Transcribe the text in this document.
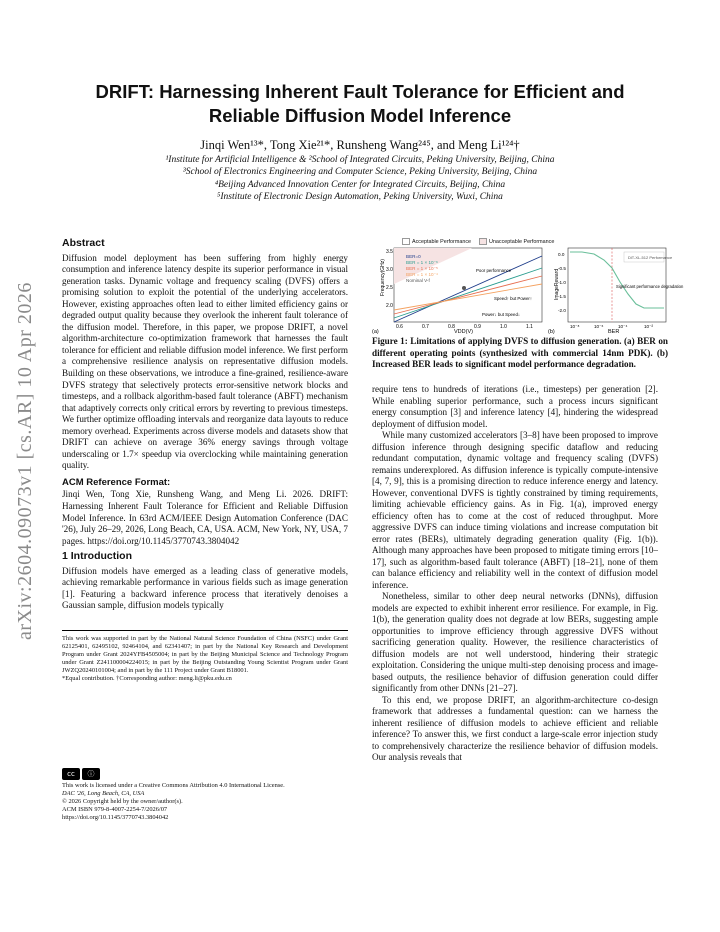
arXiv:2604.09073v1 [cs.AR] 10 Apr 2026
DRIFT: Harnessing Inherent Fault Tolerance for Efficient and
Reliable Diffusion Model Inference
Jinqi Wen¹³*, Tong Xie²¹*, Runsheng Wang²⁴⁵, and Meng Li¹²⁴†
¹Institute for Artificial Intelligence & ²School of Integrated Circuits, Peking University, Beijing, China
³School of Electronics Engineering and Computer Science, Peking University, Beijing, China
⁴Beijing Advanced Innovation Center for Integrated Circuits, Beijing, China
⁵Institute of Electronic Design Automation, Peking University, Wuxi, China
Abstract

Diffusion model deployment has been suffering from highly energy consumption and inference latency despite its superior performance in visual generation tasks. Dynamic voltage and frequency scaling (DVFS) offers a promising solution to exploit the potential of the underlying accelerators. However, existing approaches often lead to either limited efficiency gains or degraded output quality because they overlook the inherent fault tolerance of the diffusion model. Therefore, in this paper, we propose DRIFT, a novel algorithm-architecture co-optimization framework that harnesses the fault tolerance for efficient and reliable diffusion model inference. We first perform a comprehensive resilience analysis on representative diffusion models. Building on these observations, we introduce a fine-grained, resilience-aware DVFS strategy that selectively protects error-sensitive network blocks and timesteps, and a rollback algorithm-based fault tolerance (ABFT) mechanism that adaptively corrects only critical errors by reverting to previous timesteps. We further optimize offloading intervals and reorganize data layouts to reduce memory overhead. Experiments across diverse models and datasets show that DRIFT can achieve on average 36% energy savings through voltage underscaling or 1.7× speedup via overclocking while maintaining generation quality.

ACM Reference Format:

Jinqi Wen, Tong Xie, Runsheng Wang, and Meng Li. 2026. DRIFT: Harnessing Inherent Fault Tolerance for Efficient and Reliable Diffusion Model Inference. In 63rd ACM/IEEE Design Automation Conference (DAC '26), July 26–29, 2026, Long Beach, CA, USA. ACM, New York, NY, USA, 7 pages. https://doi.org/10.1145/3770743.3804042

1 Introduction

Diffusion models have emerged as a leading class of generative models, achieving remarkable performance in various fields such as image generation [1]. Featuring a backward inference process that iteratively denoises a Gaussian sample, diffusion models typically

This work was supported in part by the National Natural Science Foundation of China (NSFC) under Grant 62125401, 62495102, 92464104, and 62341407; in part by the National Key Research and Development Program under Grant 2024YFB4505004; in part by the Beijing Municipal Science and Technology Program under Grant Z241100004224015; in part by the Beijing Outstanding Young Scientist Program under Grant JWZQ20240101004; and in part by the 111 Project under Grant B18001.

*Equal contribution. †Corresponding author: meng.li@pku.edu.cn

cc	ⓘ
This work is licensed under a Creative Commons Attribution 4.0 International License.
DAC '26, Long Beach, CA, USA
© 2026 Copyright held by the owner/author(s).
ACM ISBN 979-8-4007-2254-7/2026/07
https://doi.org/10.1145/3770743.3804042
Acceptable Performance	Unacceptable Performance
Frequency(GHz)
VDD(V)
(a)
3.5
3.0
2.5
2.0
0.6	0.7	0.8	0.9	1.0	1.1
BER=0
BER = 1 × 10⁻⁶
BER = 1 × 10⁻⁵
BER = 1 × 10⁻⁴
Nominal V-f
Poor performance
Speed↑ but Power↑
Power↓ but Speed↓
ImageReward
BER
(b)
10⁻⁸	10⁻⁶	10⁻⁴	10⁻²
0.0
-0.5
-1.0
-1.5
-2.0
DiT-XL-512 Performance
Significant performance degradation
Figure 1: Limitations of applying DVFS to diffusion generation. (a) BER on different operating points (synthesized with commercial 14nm PDK). (b) Increased BER leads to significant model performance degradation.

require tens to hundreds of iterations (i.e., timesteps) per generation [2]. While enabling superior performance, such a process incurs significant energy consumption [3] and inference latency [4], hindering the widespread deployment of diffusion model.

While many customized accelerators [3–8] have been proposed to improve diffusion inference through designing specific dataflow and reducing redundant computation, dynamic voltage and frequency scaling (DVFS) remains underexplored. As diffusion inference is typically compute-intensive [4, 7, 9], this is a promising direction to reduce inference energy and latency. However, conventional DVFS is tightly constrained by timing requirements, limiting achievable efficiency gains. As in Fig. 1(a), improved energy efficiency often has to come at the cost of reduced throughput. More aggressive DVFS can induce timing violations and increase computation bit error rates (BERs), ultimately degrading generation quality (Fig. 1(b)). Although many approaches have been proposed to mitigate timing errors [10–17], such as algorithm-based fault tolerance (ABFT) [18–21], none of them can balance efficiency and reliability well in the context of diffusion model inference.

Nonetheless, similar to other deep neural networks (DNNs), diffusion models are expected to exhibit inherent error resilience. For example, in Fig. 1(b), the generation quality does not degrade at low BERs, suggesting ample opportunities to improve efficiency through aggressive DVFS without sacrificing generation quality. However, the resilience characteristics of diffusion models are not well understood, hindering their strategic exploitation. Considering the unique multi-step denoising process and image-based outputs, the resilience behavior of diffusion generation could differ significantly from other DNNs [21–27].

To this end, we propose DRIFT, an algorithm-architecture co-design framework that addresses a fundamental question: can we harness the inherent resilience of diffusion models to achieve efficient and reliable inference? To answer this, we first conduct a large-scale error injection study to comprehensively characterize the resilience behavior of diffusion models. Our analysis reveals that
